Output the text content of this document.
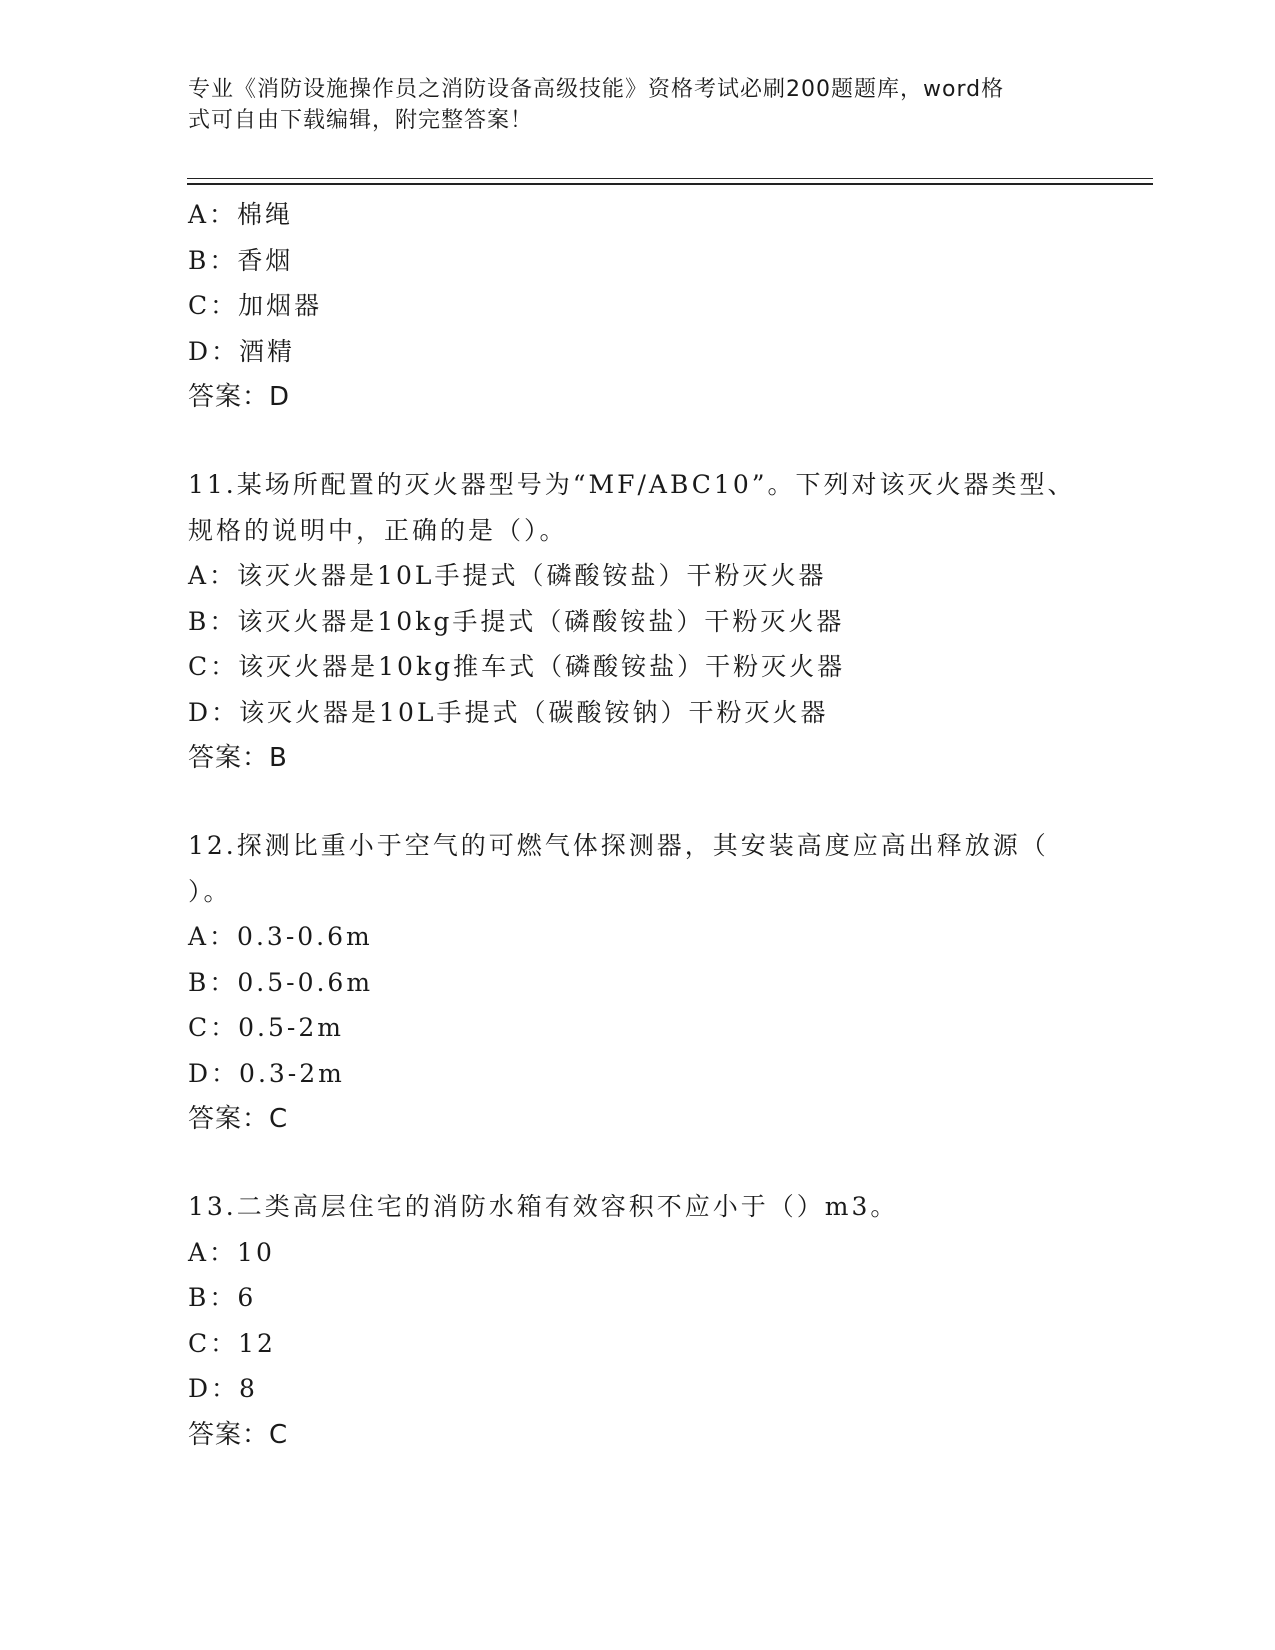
专业《消防设施操作员之消防设备高级技能》资格考试必刷200题题库，word格
式可自由下载编辑，附完整答案！
A：棉绳
B：香烟
C：加烟器
D：酒精
答案：D
11.某场所配置的灭火器型号为“MF/ABC10”。下列对该灭火器类型、
规格的说明中，正确的是（）。
A：该灭火器是10L手提式（磷酸铵盐）干粉灭火器
B：该灭火器是10kg手提式（磷酸铵盐）干粉灭火器
C：该灭火器是10kg推车式（磷酸铵盐）干粉灭火器
D：该灭火器是10L手提式（碳酸铵钠）干粉灭火器
答案：B
12.探测比重小于空气的可燃气体探测器，其安装高度应高出释放源（
）。
A：0.3-0.6m
B：0.5-0.6m
C：0.5-2m
D：0.3-2m
答案：C
13.二类高层住宅的消防水箱有效容积不应小于（）m3。
A：10
B：6
C：12
D：8
答案：C
